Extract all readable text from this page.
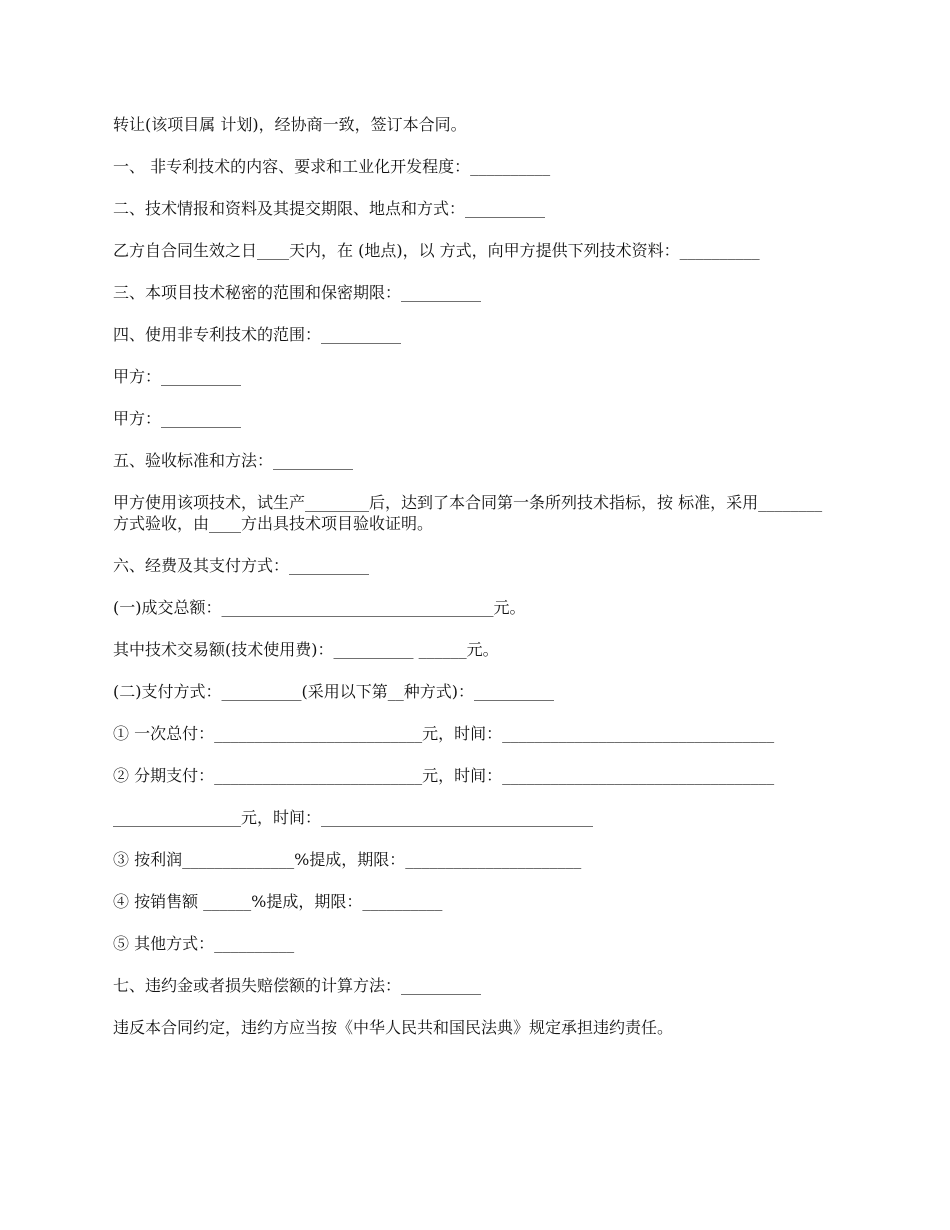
转让(该项目属 计划)，经协商一致，签订本合同。

一、 非专利技术的内容、要求和工业化开发程度：__________

二、技术情报和资料及其提交期限、地点和方式：__________

乙方自合同生效之日____天内，在 (地点)，以 方式，向甲方提供下列技术资料：__________

三、本项目技术秘密的范围和保密期限：__________

四、使用非专利技术的范围：__________

甲方：__________

甲方：__________

五、验收标准和方法：__________

甲方使用该项技术，试生产________后，达到了本合同第一条所列技术指标，按 标准，采用________方式验收，由____方出具技术项目验收证明。

六、经费及其支付方式：__________

(一)成交总额：__________________________________元。

其中技术交易额(技术使用费)：__________ ______元。

(二)支付方式：__________(采用以下第__种方式)：__________

① 一次总付：__________________________元，时间：__________________________________

② 分期支付：__________________________元，时间：__________________________________

________________元，时间：__________________________________

③ 按利润______________%提成，期限：______________________

④ 按销售额 ______%提成，期限：__________

⑤ 其他方式：__________

七、违约金或者损失赔偿额的计算方法：__________

违反本合同约定，违约方应当按《中华人民共和国民法典》规定承担违约责任。
